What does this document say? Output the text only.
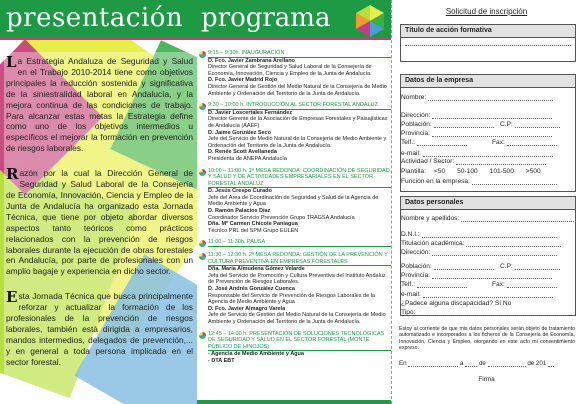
presentación

La Estrategia Andaluza de Seguridad y Salud en el Trabajo 2010-2014 tiene como objetivos principales la reducción sostenida y significativa de la siniestralidad laboral en Andalucía, y la mejora continua de las condiciones de trabajo. Para alcanzar estas metas la Estrategia define como uno de los objetivos intermedios u específicos el mejorar la formación en prevención de riesgos laborales.

Razón por la cual la Dirección General de Seguridad y Salud Laboral de la Consejería de Economía, Innovación, Ciencia y Empleo de la Junta de Andalucía ha organizado esta Jornada Técnica, que tiene por objeto abordar diversos aspectos tanto teóricos como prácticos relacionados con la prevención de riesgos laborales durante la ejecución de obras forestales en Andalucía, por parte de profesionales con un amplio bagaje y experiencia en dicho sector.

Esta Jornada Técnica que busca principalmente reforzar y actualizar la formación de los profesionales de la prevención de riesgos laborales, también está dirigida a empresarios, mandos intermedios, delegados de prevención,... y en general a toda persona implicada en el sector forestal.

programa
9:15 – 9:30h. INAUGURACIÓN
D. Fco. Javier Zambrana Arellano
Director General de Seguridad y Salud Laboral de la Consejería de Economía, Innovación, Ciencia y Empleo de la Junta de Andalucía.
D. Fco. Javier Madrid Rojo
Director General de Gestión del Medio Natural de la Consejería de Medio Ambiente y Ordenación del Territorio de la Junta de Andalucía.
9:30 – 10:00 h. INTRODUCCIÓN AL SECTOR FORESTAL ANDALUZ.
D. Javier Loscertales Fernández
Director Gerente de la Asociación de Empresas Forestales y Paisajísticas de Andalucía (AAEF)
D. Jaime González Seco
Jefe del Servicio de Medio Natural de la Consejería de Medio Ambiente y Ordenación del Territorio de la Junta de Andalucía.
D. Renée Scott Avellaneda
Presidenta de ANEPA Andalucía
10:00 – 11:00 h. 1ª MESA REDONDA: COORDINACIÓN DE SEGURIDAD Y SALUD Y DE ACTIVIDADES EMPRESARIALES EN EL SECTOR FORESTAL ANDALUZ
D. Jesús Crespo Curado
Jefe del Área de Coordinación de Seguridad y Salud de la Agencia de Medio Ambiente y Agua
D. Ramón Palacios Díaz
Coordinador Servicio Prevención Grupo TRAGSA Andalucía
Dña. Mª Carmen Chicote Paniagua
Técnico PRL del SPM Grupo EULEN
11:00 – 11:30h. PAUSA
11:30 – 12:30 h. 2ª MESA REDONDA: GESTIÓN DE LA PREVENCIÓN Y CULTURA PREVENTIVA EN EMPRESAS FORESTALES
Dña. María Almudena Gómez Velarde
Jefa del Servicio de Promoción y Cultura Preventiva del Instituto Andaluz de Prevención de Riesgos Laborales.
D. José Andrés González Cuenca
Responsable del Servicio de Prevención de Riesgos Laborales de la Agencia de Medio Ambiente y Agua
D. Fco. Javier Almagro Varela
Jefe de Servicio de Gestión del Medio Natural de la Consejería de Medio Ambiente y Ordenación del Territorio de la Junta de Andalucía.
12:45 – 14:00 h. PRESENTACIÓN DE SOLUCIONES TECNOLÓGICAS DE SEGURIDAD Y SALUD EN EL SECTOR FORESTAL (MONTE PÚBLICO DE HINOJOS)
- Agencia de Medio Ambiente y Agua
- DTA EBT
Solicitud de inscripción
Título de acción formativa
Datos de la empresa
Nombre:
Dirección:
Población:	C.P:
Provincia:
Telf.:	Fax:
e-mail:
Actividad / Sector:
Plantilla: <50 50-100 101-500 >500
Función en la empresa:
Datos personales
Nombre y apellidos:
D.N.I.:
Titulación académica:
Dirección:
Población:	C.P:
Provincia:
Telf.:	Fax:
e-mail:
¿Padece alguna discapacidad? Sí No
Tipo:
Estoy al corriente de que mis datos personales serán objeto de tratamiento automatizado e incorporados a los ficheros de la Consejería de Economía, Innovación, Ciencia y Empleo, otorgando en este acto mi consentimiento expreso.
En	a de	de 201
Firma
